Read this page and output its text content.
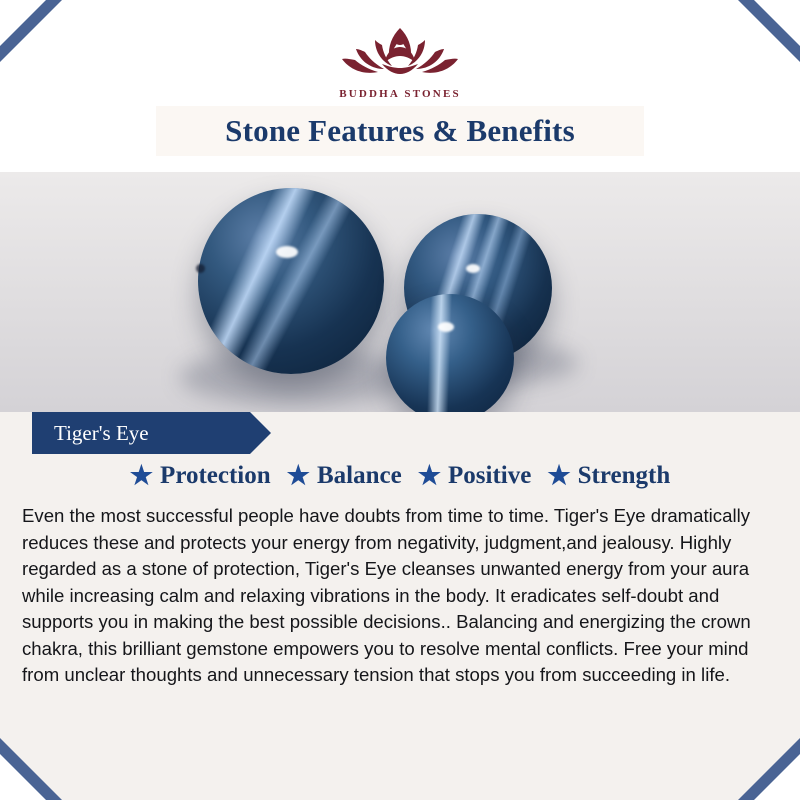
BUDDHA STONES
Stone Features & Benefits
Tiger's Eye
★ Protection ★ Balance ★ Positive ★ Strength
Even the most successful people have doubts from time to time. Tiger's Eye dramatically reduces these and protects your energy from negativity, judgment,and jealousy. Highly regarded as a stone of protection, Tiger's Eye cleanses unwanted energy from your aura while increasing calm and relaxing vibrations in the body. It eradicates self-doubt and supports you in making the best possible decisions.. Balancing and energizing the crown chakra, this brilliant gemstone empowers you to resolve mental conflicts. Free your mind from unclear thoughts and unnecessary tension that stops you from succeeding in life.
